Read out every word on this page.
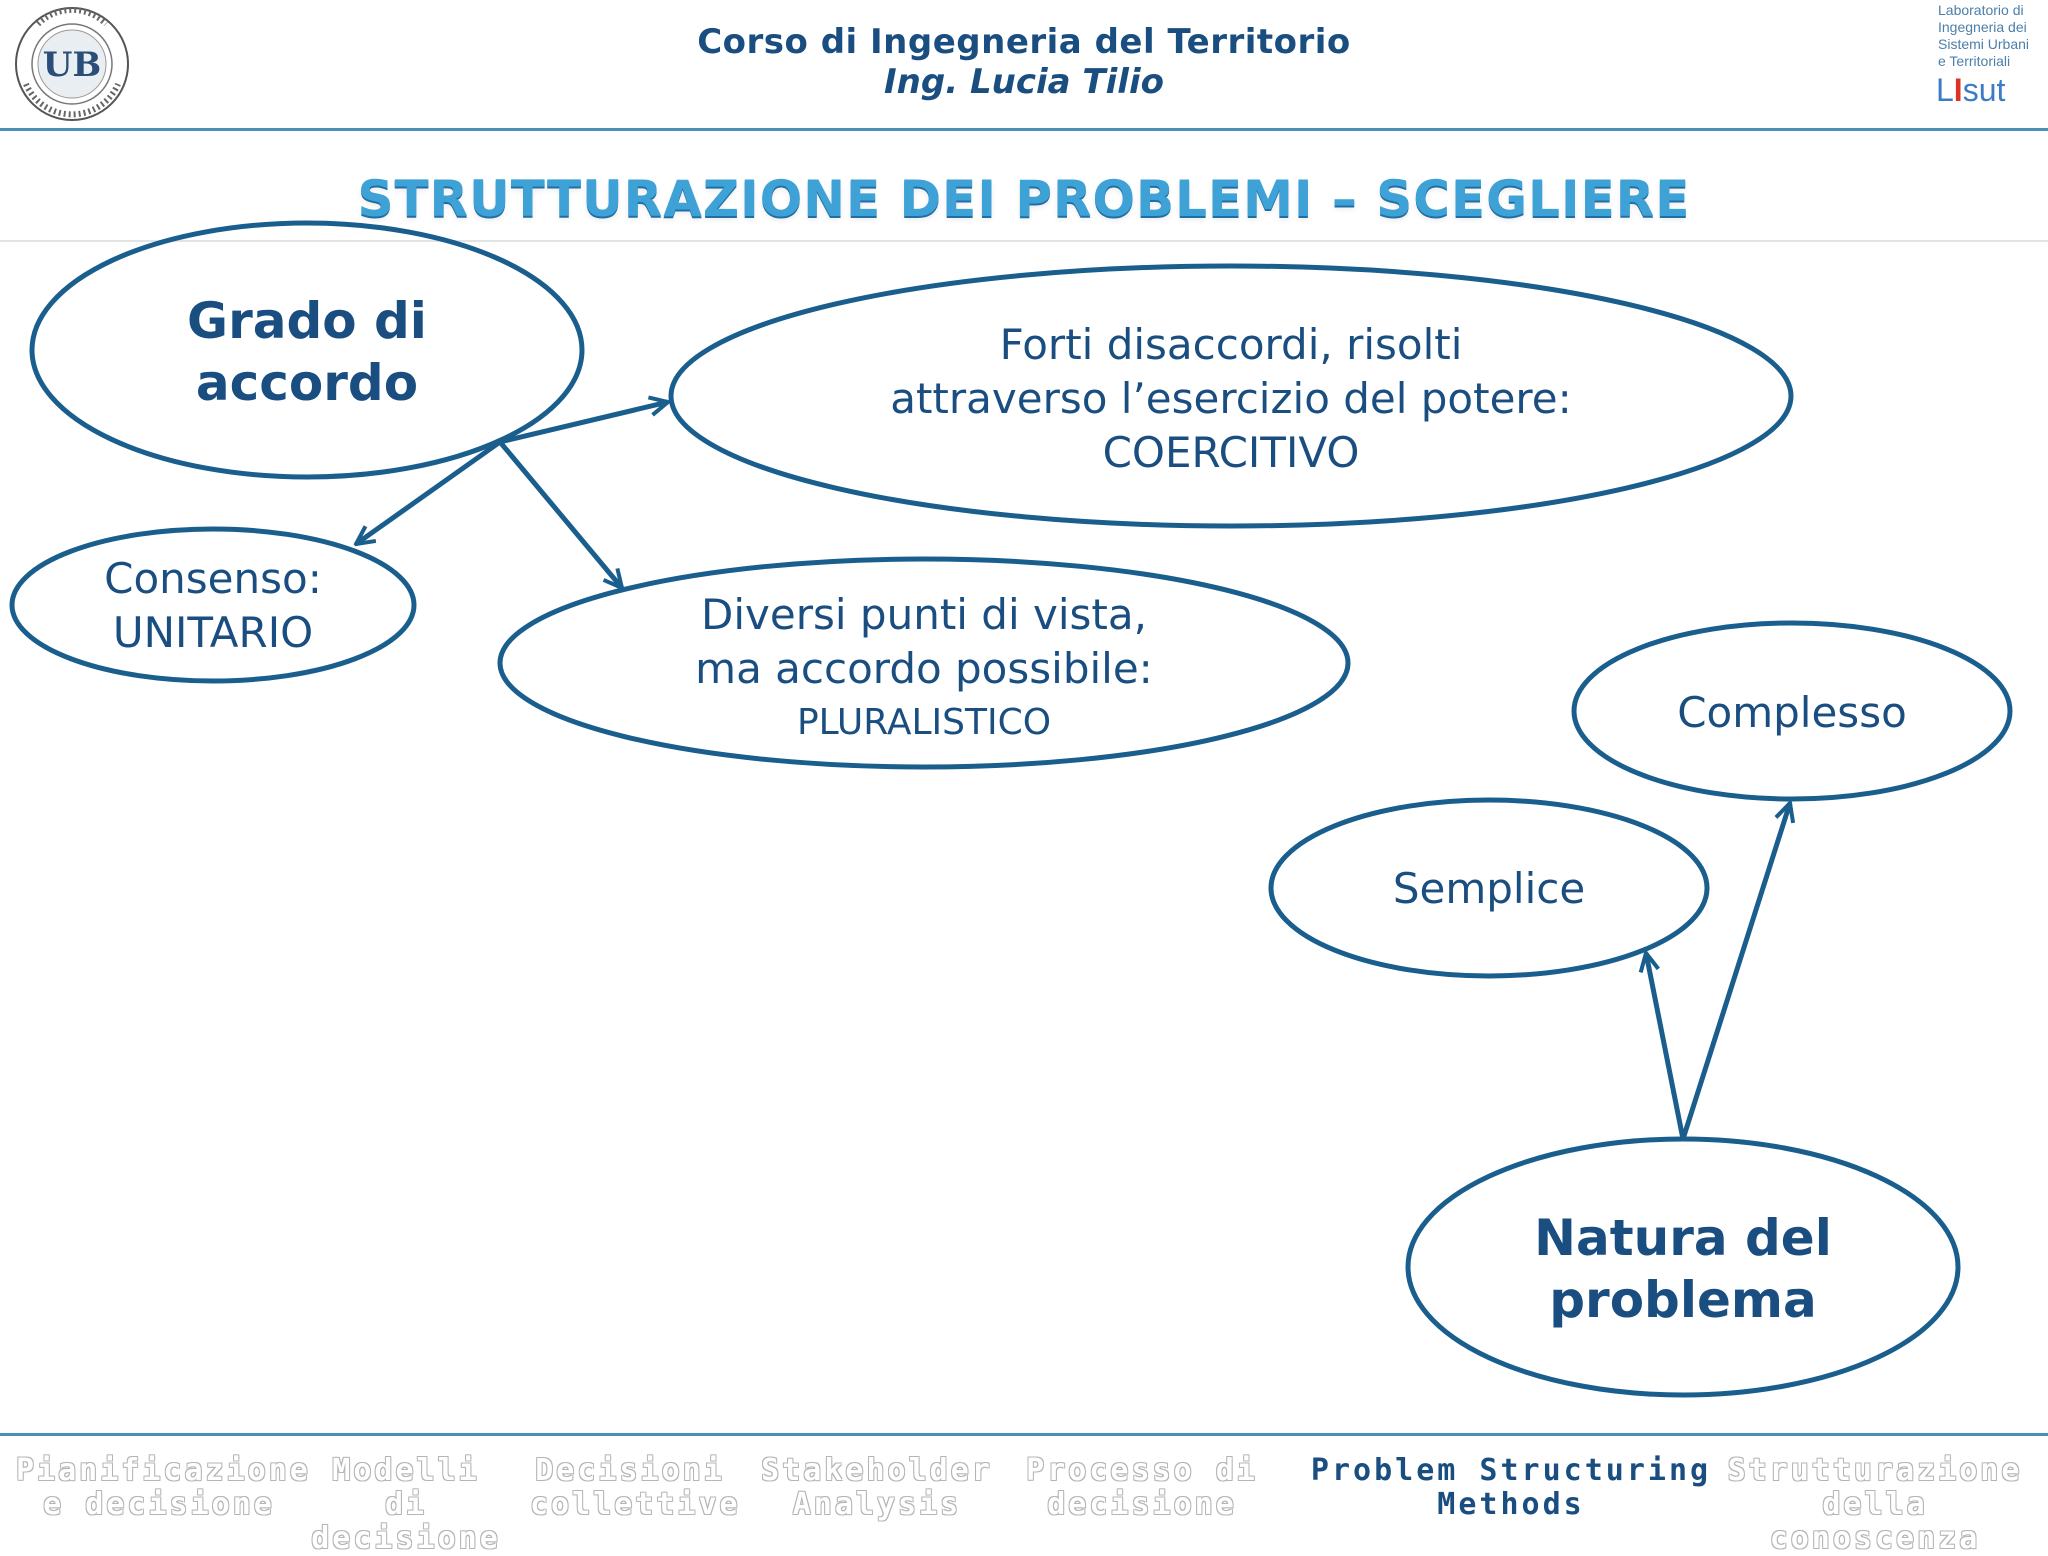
UB
Corso di Ingegneria del Territorio
Ing. Lucia Tilio
Laboratorio di
Ingegneria dei
Sistemi Urbani
e Territoriali
LIsut
STRUTTURAZIONE DEI PROBLEMI – SCEGLIERE
Grado di
accordo
Forti disaccordi, risolti
attraverso l’esercizio del potere:
COERCITIVO
Consenso:
UNITARIO	Diversi punti di vista,
ma accordo possibile:
PLURALISTICO	Complesso
Semplice
Natura del
problema
Pianificazione
e decisione
Modelli di
decisione
Decisioni
collettive
Stakeholder
Analysis
Processo di
decisione
Problem Structuring
Methods
Strutturazione
della conoscenza
